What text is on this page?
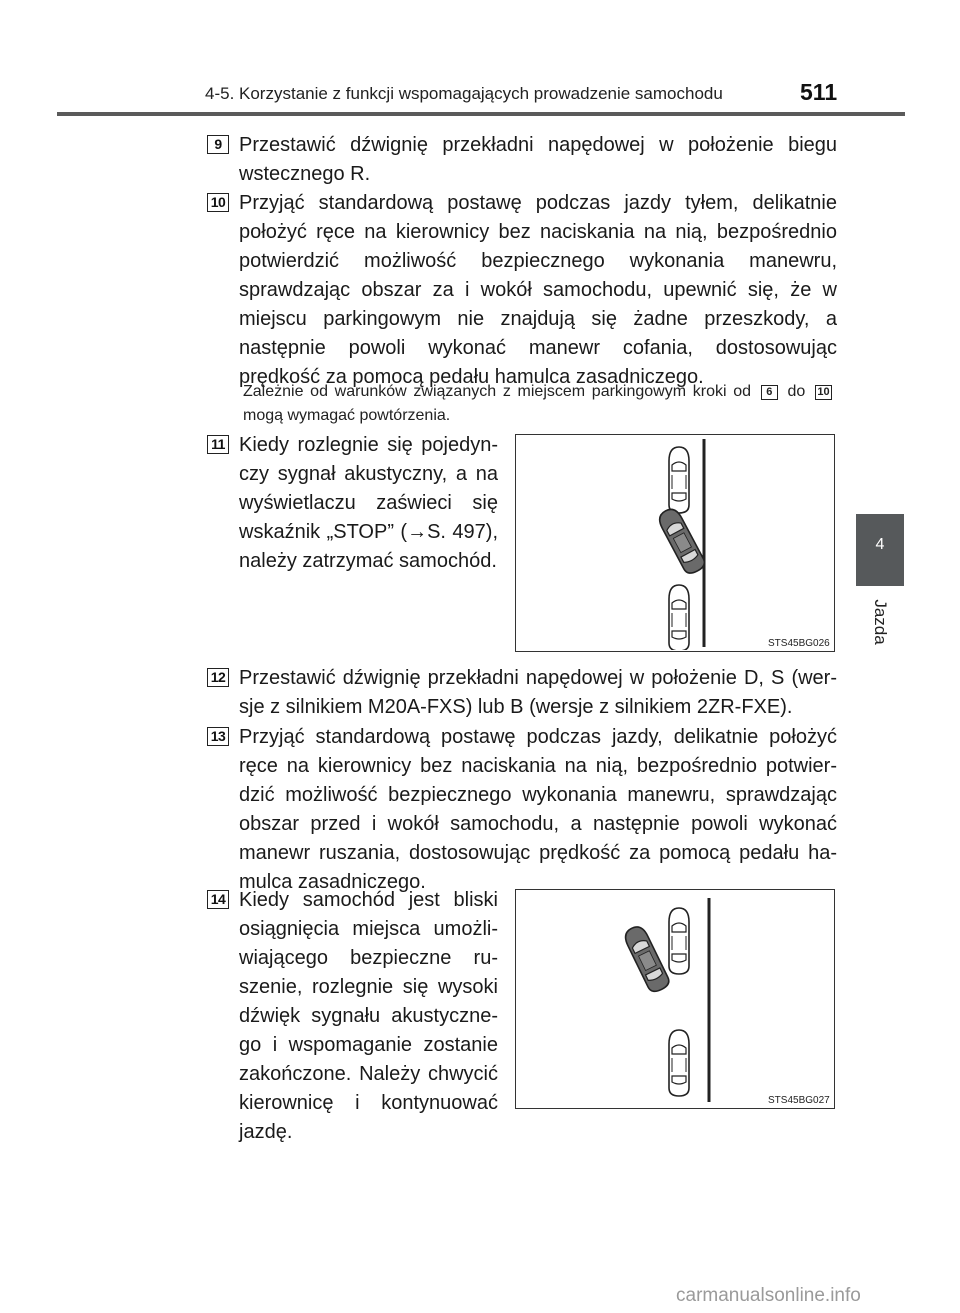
4-5. Korzystanie z funkcji wspomagających prowadzenie samochodu	511
4
Jazda
9 Przestawić dźwignię przekładni napędowej w położenie biegu wstecznego R.
10 Przyjąć standardową postawę podczas jazdy tyłem, delikatnie położyć ręce na kierownicy bez naciskania na nią, bezpośrednio potwierdzić możliwość bezpiecznego wykonania manewru, sprawdzając obszar za i wokół samochodu, upewnić się, że w miejscu parkingowym nie znajdują się żadne przeszkody, a następnie powoli wykonać manewr cofania, dostosowując prędkość za pomocą pedału hamulca zasadniczego.
Zależnie od warunków związanych z miejscem parkingowym kroki od 6 do 10 mogą wymagać powtórzenia.
11 Kiedy rozlegnie się pojedyn-czy sygnał akustyczny, a na wyświetlaczu zaświeci się wskaźnik „STOP” (→S. 497), należy zatrzymać samochód.
STS45BG026
12 Przestawić dźwignię przekładni napędowej w położenie D, S (wer-sje z silnikiem M20A-FXS) lub B (wersje z silnikiem 2ZR-FXE).
13 Przyjąć standardową postawę podczas jazdy, delikatnie położyć ręce na kierownicy bez naciskania na nią, bezpośrednio potwier-dzić możliwość bezpiecznego wykonania manewru, sprawdzając obszar przed i wokół samochodu, a następnie powoli wykonać manewr ruszania, dostosowując prędkość za pomocą pedału ha-mulca zasadniczego.
14 Kiedy samochód jest bliski osiągnięcia miejsca umożli-wiającego bezpieczne ru-szenie, rozlegnie się wysoki dźwięk sygnału akustyczne-go i wspomaganie zostanie zakończone. Należy chwycić kierownicę i kontynuować jazdę.
STS45BG027
carmanualsonline.info
